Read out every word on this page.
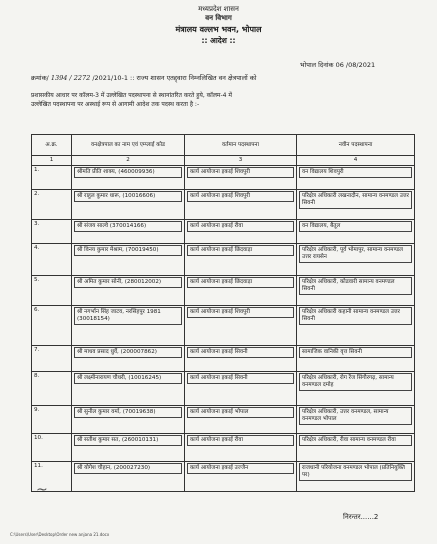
मध्यप्रदेश शासन
वन विभाग
मंत्रालय वल्लभ भवन, भोपाल
:: आदेश ::
भोपाल दिनांक 06 /08/2021
क्रमांक/ 1394 / 2272 /2021/10-1 :: राज्य शासन एतद्द्वारा निम्नलिखित वन क्षेत्रपालों को
प्रशासकीय आधार पर कॉलम-3 में उल्लेखित पदस्थापना से स्थानांतरित करते हुये, कॉलम-4 में
उल्लेखित पदस्थापना पर अस्थाई रूप से आगामी आदेश तक पदस्थ करता है :-
अ.क्र.	वनक्षेत्रपाल का नाम एवं एम्प्लाई कोड	वर्तमान पदस्थापना	नवीन पदस्थापना
1	2	3	4
1.	श्रीमति प्रीति शाक्य, (460009936)	कार्य आयोजना इकाई शिवपुरी	वन विद्यालय शिवपुरी

2.	श्री राहुल कुमार धारू, (10016606)	कार्य आयोजना इकाई शिवपुरी	परिक्षेत्र अधिकारी लखनादौन, सामान्य वनमण्डल उत्तर सिवनी

3.	श्री संजय साल्वे (370014166)	कार्य आयोजना इकाई रीवा	वन विद्यालय, बैतूल

4.	श्री विनय कुमार मेश्राम, (70019450)	कार्य आयोजना इकाई छिंदवाड़ा	परिक्षेत्र अधिकारी, पूर्व भोमापुर, सामान्य वनमण्डल उत्तर रायसेन

5.	श्री अमित कुमार सोनी, (280012002)	कार्य आयोजना इकाई छिंदवाड़ा	परिक्षेत्र अधिकारी, कोडवारी सामान्य वनमण्डल सिवनी

6.	श्री नगर्भान सिंह जाटव, नरसिंहपुर 1981 (30018154)	कार्य आयोजना इकाई शिवपुरी	परिक्षेत्र अधिकारी कहानी सामान्य वनमण्डल उत्तर सिवनी

7.	श्री माधव प्रसाद धुर्वे, (200007862)	कार्य आयोजना इकाई सिवनी	सामाजिक वानिकी वृत्त सिवनी

8.	श्री लक्ष्मीनारायण चौधरी, (10016245)	कार्य आयोजना इकाई सिवनी	परिक्षेत्र अधिकारी, रोग रेंज सिंगौरगढ़, सामान्य वनमण्डल दमोह

9.	श्री सुनील कुमार वर्मा, (70019638)	कार्य आयोजना इकाई भोपाल	परिक्षेत्र अधिकारी, उत्तर वनमण्डल, सामान्य वनमण्डल भोपाल

10.	श्री सतीश कुमार सत, (260010131)	कार्य आयोजना इकाई रीवा	परिक्षेत्र अधिकारी, रीवा सामान्य वनमण्डल रीवा

11.	श्री योगेश चौहान, (200027230)	कार्य आयोजना इकाई उज्जैन	राजधानी परियोजना वनमण्डल भोपाल (प्रतिनियुक्ति पर)
~
निरन्तर......2
C:\Users\User\Desktop\Order new anjana 21.docx
